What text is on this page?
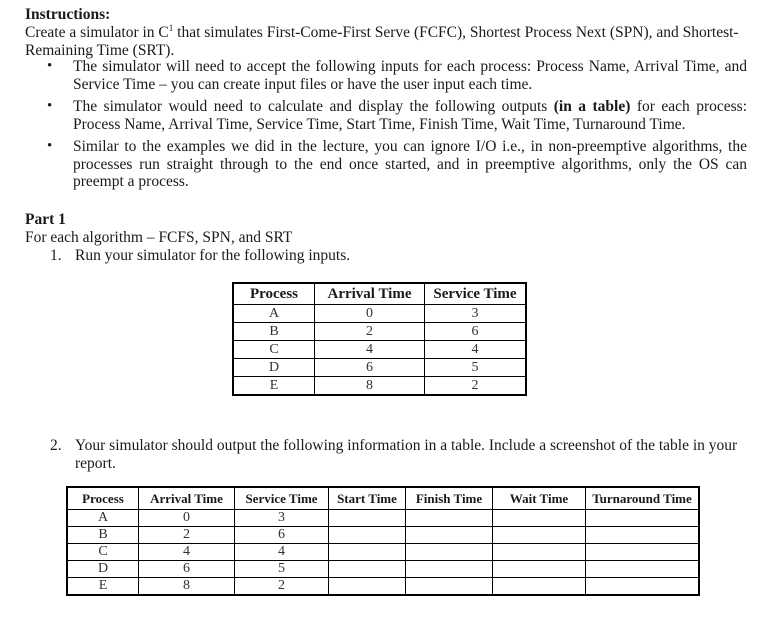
Instructions:
Create a simulator in $C^1$ that simulates First-Come-First Serve (FCFC), Shortest Process Next (SPN), and Shortest-
Remaining Time (SRT).
• The simulator will need to accept the following inputs for each process: Process Name, Arrival Time, and Service Time – you can create input files or have the user input each time.
• The simulator would need to calculate and display the following outputs (in a table) for each process: Process Name, Arrival Time, Service Time, Start Time, Finish Time, Wait Time, Turnaround Time.
• Similar to the examples we did in the lecture, you can ignore I/O i.e., in non-preemptive algorithms, the processes run straight through to the end once started, and in preemptive algorithms, only the OS can preempt a process.
Part 1
For each algorithm – FCFS, SPN, and SRT
1. Run your simulator for the following inputs.
Process	Arrival Time	Service Time
A	0	3
B	2	6
C	4	4
D	6	5
E	8	2
2. Your simulator should output the following information in a table. Include a screenshot of the table in your
report.
Process	Arrival Time	Service Time	Start Time	Finish Time	Wait Time	Turnaround Time
A	0	3				
B	2	6				
C	4	4				
D	6	5				
E	8	2				
